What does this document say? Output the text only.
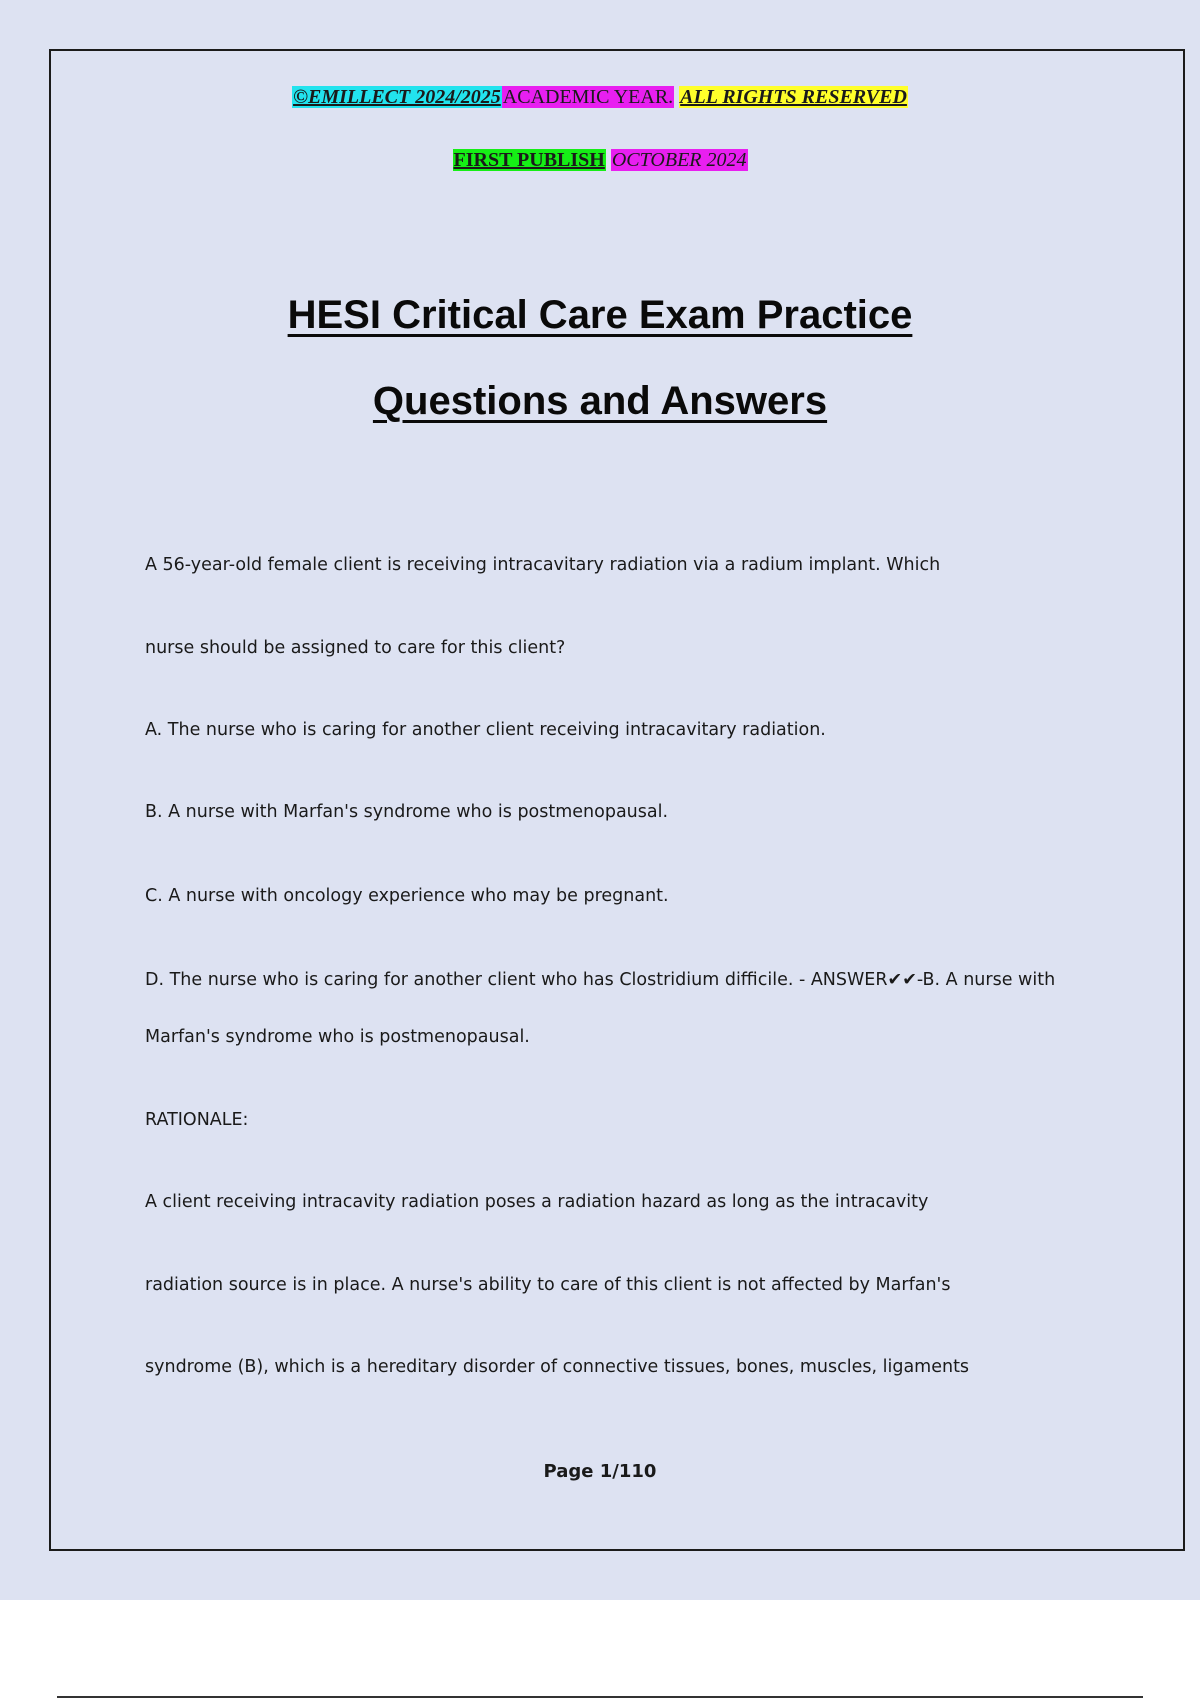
©EMILLECT 2024/2025 ACADEMIC YEAR. ALL RIGHTS RESERVED
FIRST PUBLISH OCTOBER 2024
HESI Critical Care Exam Practice
Questions and Answers
A 56-year-old female client is receiving intracavitary radiation via a radium implant. Which
nurse should be assigned to care for this client?
A. The nurse who is caring for another client receiving intracavitary radiation.
B. A nurse with Marfan's syndrome who is postmenopausal.
C. A nurse with oncology experience who may be pregnant.
D. The nurse who is caring for another client who has Clostridium difficile. - ANSWER✔✔-B. A nurse with
Marfan's syndrome who is postmenopausal.
RATIONALE:
A client receiving intracavity radiation poses a radiation hazard as long as the intracavity
radiation source is in place. A nurse's ability to care of this client is not affected by Marfan's
syndrome (B), which is a hereditary disorder of connective tissues, bones, muscles, ligaments
Page 1/110
